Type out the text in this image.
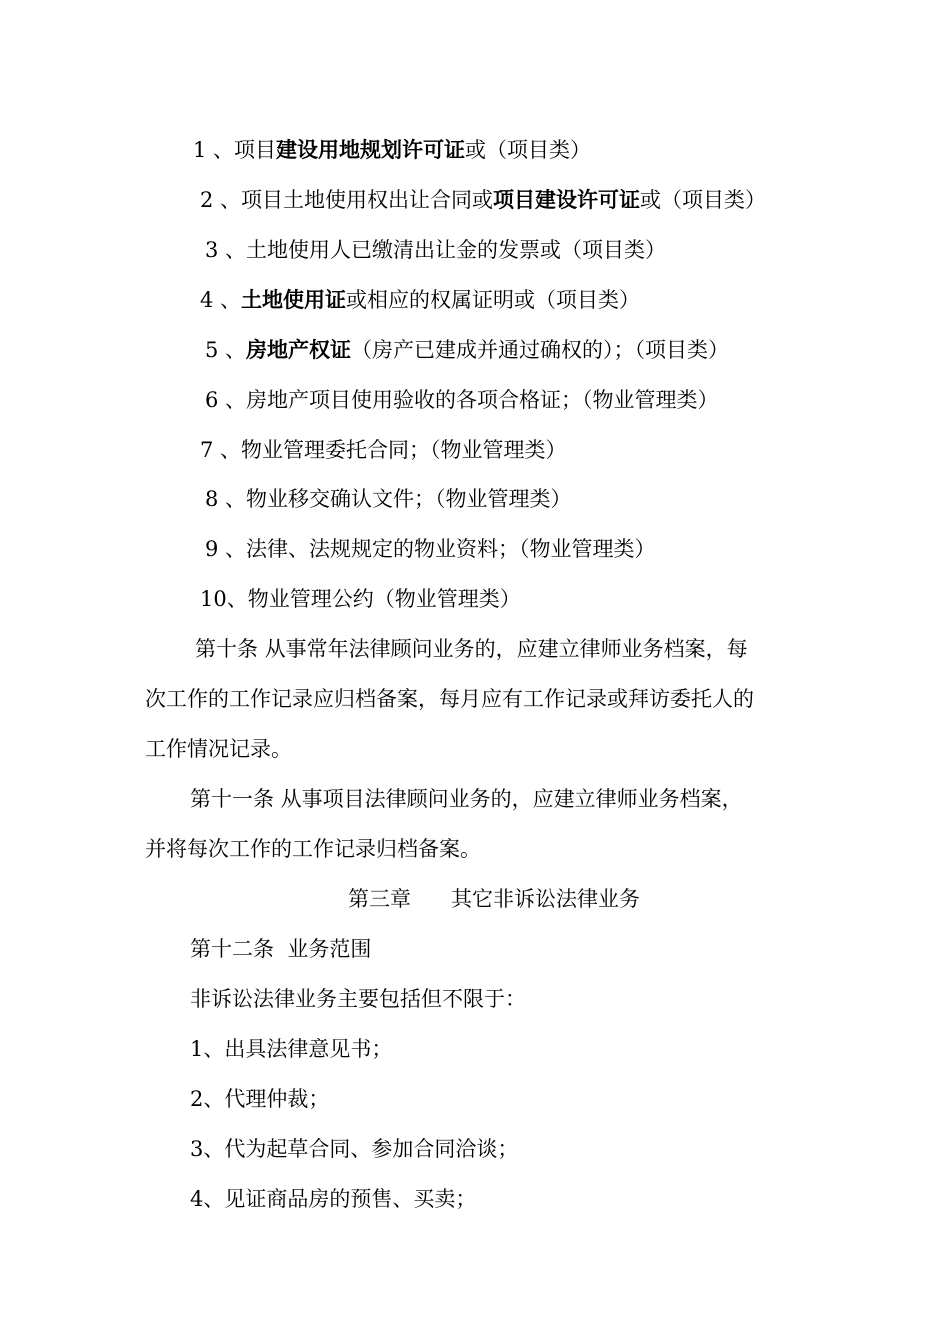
1 、项目建设用地规划许可证或（项目类）
2 、项目土地使用权出让合同或项目建设许可证或（项目类）
3 、土地使用人已缴清出让金的发票或（项目类）
4 、土地使用证或相应的权属证明或（项目类）
5 、房地产权证（房产已建成并通过确权的）；（项目类）
6 、房地产项目使用验收的各项合格证；（物业管理类）
7 、物业管理委托合同；（物业管理类）
8 、物业移交确认文件；（物业管理类）
9 、法律、法规规定的物业资料；（物业管理类）
10、物业管理公约（物业管理类）
第十条 从事常年法律顾问业务的，应建立律师业务档案，每
次工作的工作记录应归档备案，每月应有工作记录或拜访委托人的
工作情况记录。
第十一条 从事项目法律顾问业务的，应建立律师业务档案，
并将每次工作的工作记录归档备案。
第三章      其它非诉讼法律业务
第十二条  业务范围
非诉讼法律业务主要包括但不限于：
1、出具法律意见书；
2、代理仲裁；
3、代为起草合同、参加合同洽谈；
4、见证商品房的预售、买卖；
